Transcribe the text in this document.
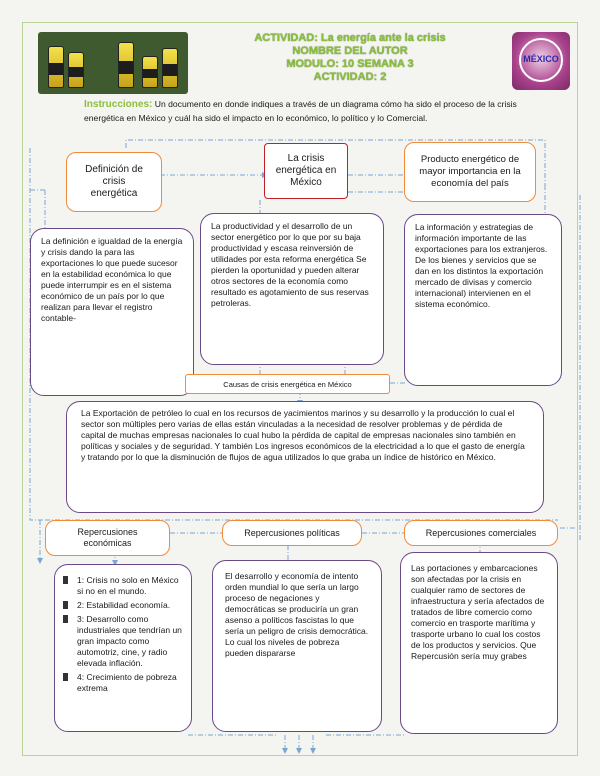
ACTIVIDAD: La energía ante la crisis
NOMBRE DEL AUTOR
MODULO: 10 SEMANA 3
ACTIVIDAD: 2
MÉXICO
Instrucciones: Un documento en donde indiques a través de un diagrama cómo ha sido el proceso de la crisis energética en México y cuál ha sido el impacto en lo económico, lo político y lo Comercial.
Definición de crisis energética
La crisis energética en México
Producto energético de mayor importancia en la economía del país
La definición e igualdad de la energía y crisis dando la para las exportaciones lo que puede sucesor en la estabilidad económica lo que puede interrumpir es en el sistema económico de un país por lo que realizan para llevar el registro contable-
La productividad y el desarrollo de un sector energético por lo que por su baja productividad y escasa reinversión de utilidades por esta reforma energética Se pierden la oportunidad y pueden alterar otros sectores de la economía como resultado es agotamiento de sus reservas petroleras.
La información y estrategias de información importante de las exportaciones para los extranjeros. De los bienes y servicios que se dan en los distintos la exportación mercado de divisas y comercio internacional) intervienen en el sistema económico.
Causas de crisis energética en México
La Exportación de petróleo lo cual en los recursos de yacimientos marinos y su desarrollo y la producción lo cual el sector son múltiples pero varias de ellas están vinculadas a la necesidad de resolver problemas y de pérdida de capital de muchas empresas nacionales lo cual hubo la pérdida de capital de empresas nacionales sino también en políticas y sociales y de seguridad. Y también Los ingresos económicos de la electricidad a lo que el gasto de energía y tratando por lo que la disminución de flujos de agua utilizados lo que graba un índice de histórico en México.
Repercusiones económicas
Repercusiones políticas	Repercusiones comerciales
1: Crisis no solo en México si no en el mundo.
2: Estabilidad economía.
3: Desarrollo como industriales que tendrían un gran impacto como automotriz, cine, y radio elevada inflación.
4: Crecimiento de pobreza extrema
El desarrollo y economía de intento orden mundial lo que sería un largo proceso de negaciones y democráticas se produciría un gran asenso a políticos fascistas lo que sería un peligro de crisis democrática. Lo cual los niveles de pobreza pueden dispararse
Las portaciones y embarcaciones son afectadas por la crisis en cualquier ramo de sectores de infraestructura y sería afectados de tratados de libre comercio como comercio en trasporte marítima y trasporte urbano lo cual los costos de los productos y servicios. Que Repercusión sería muy grabes
